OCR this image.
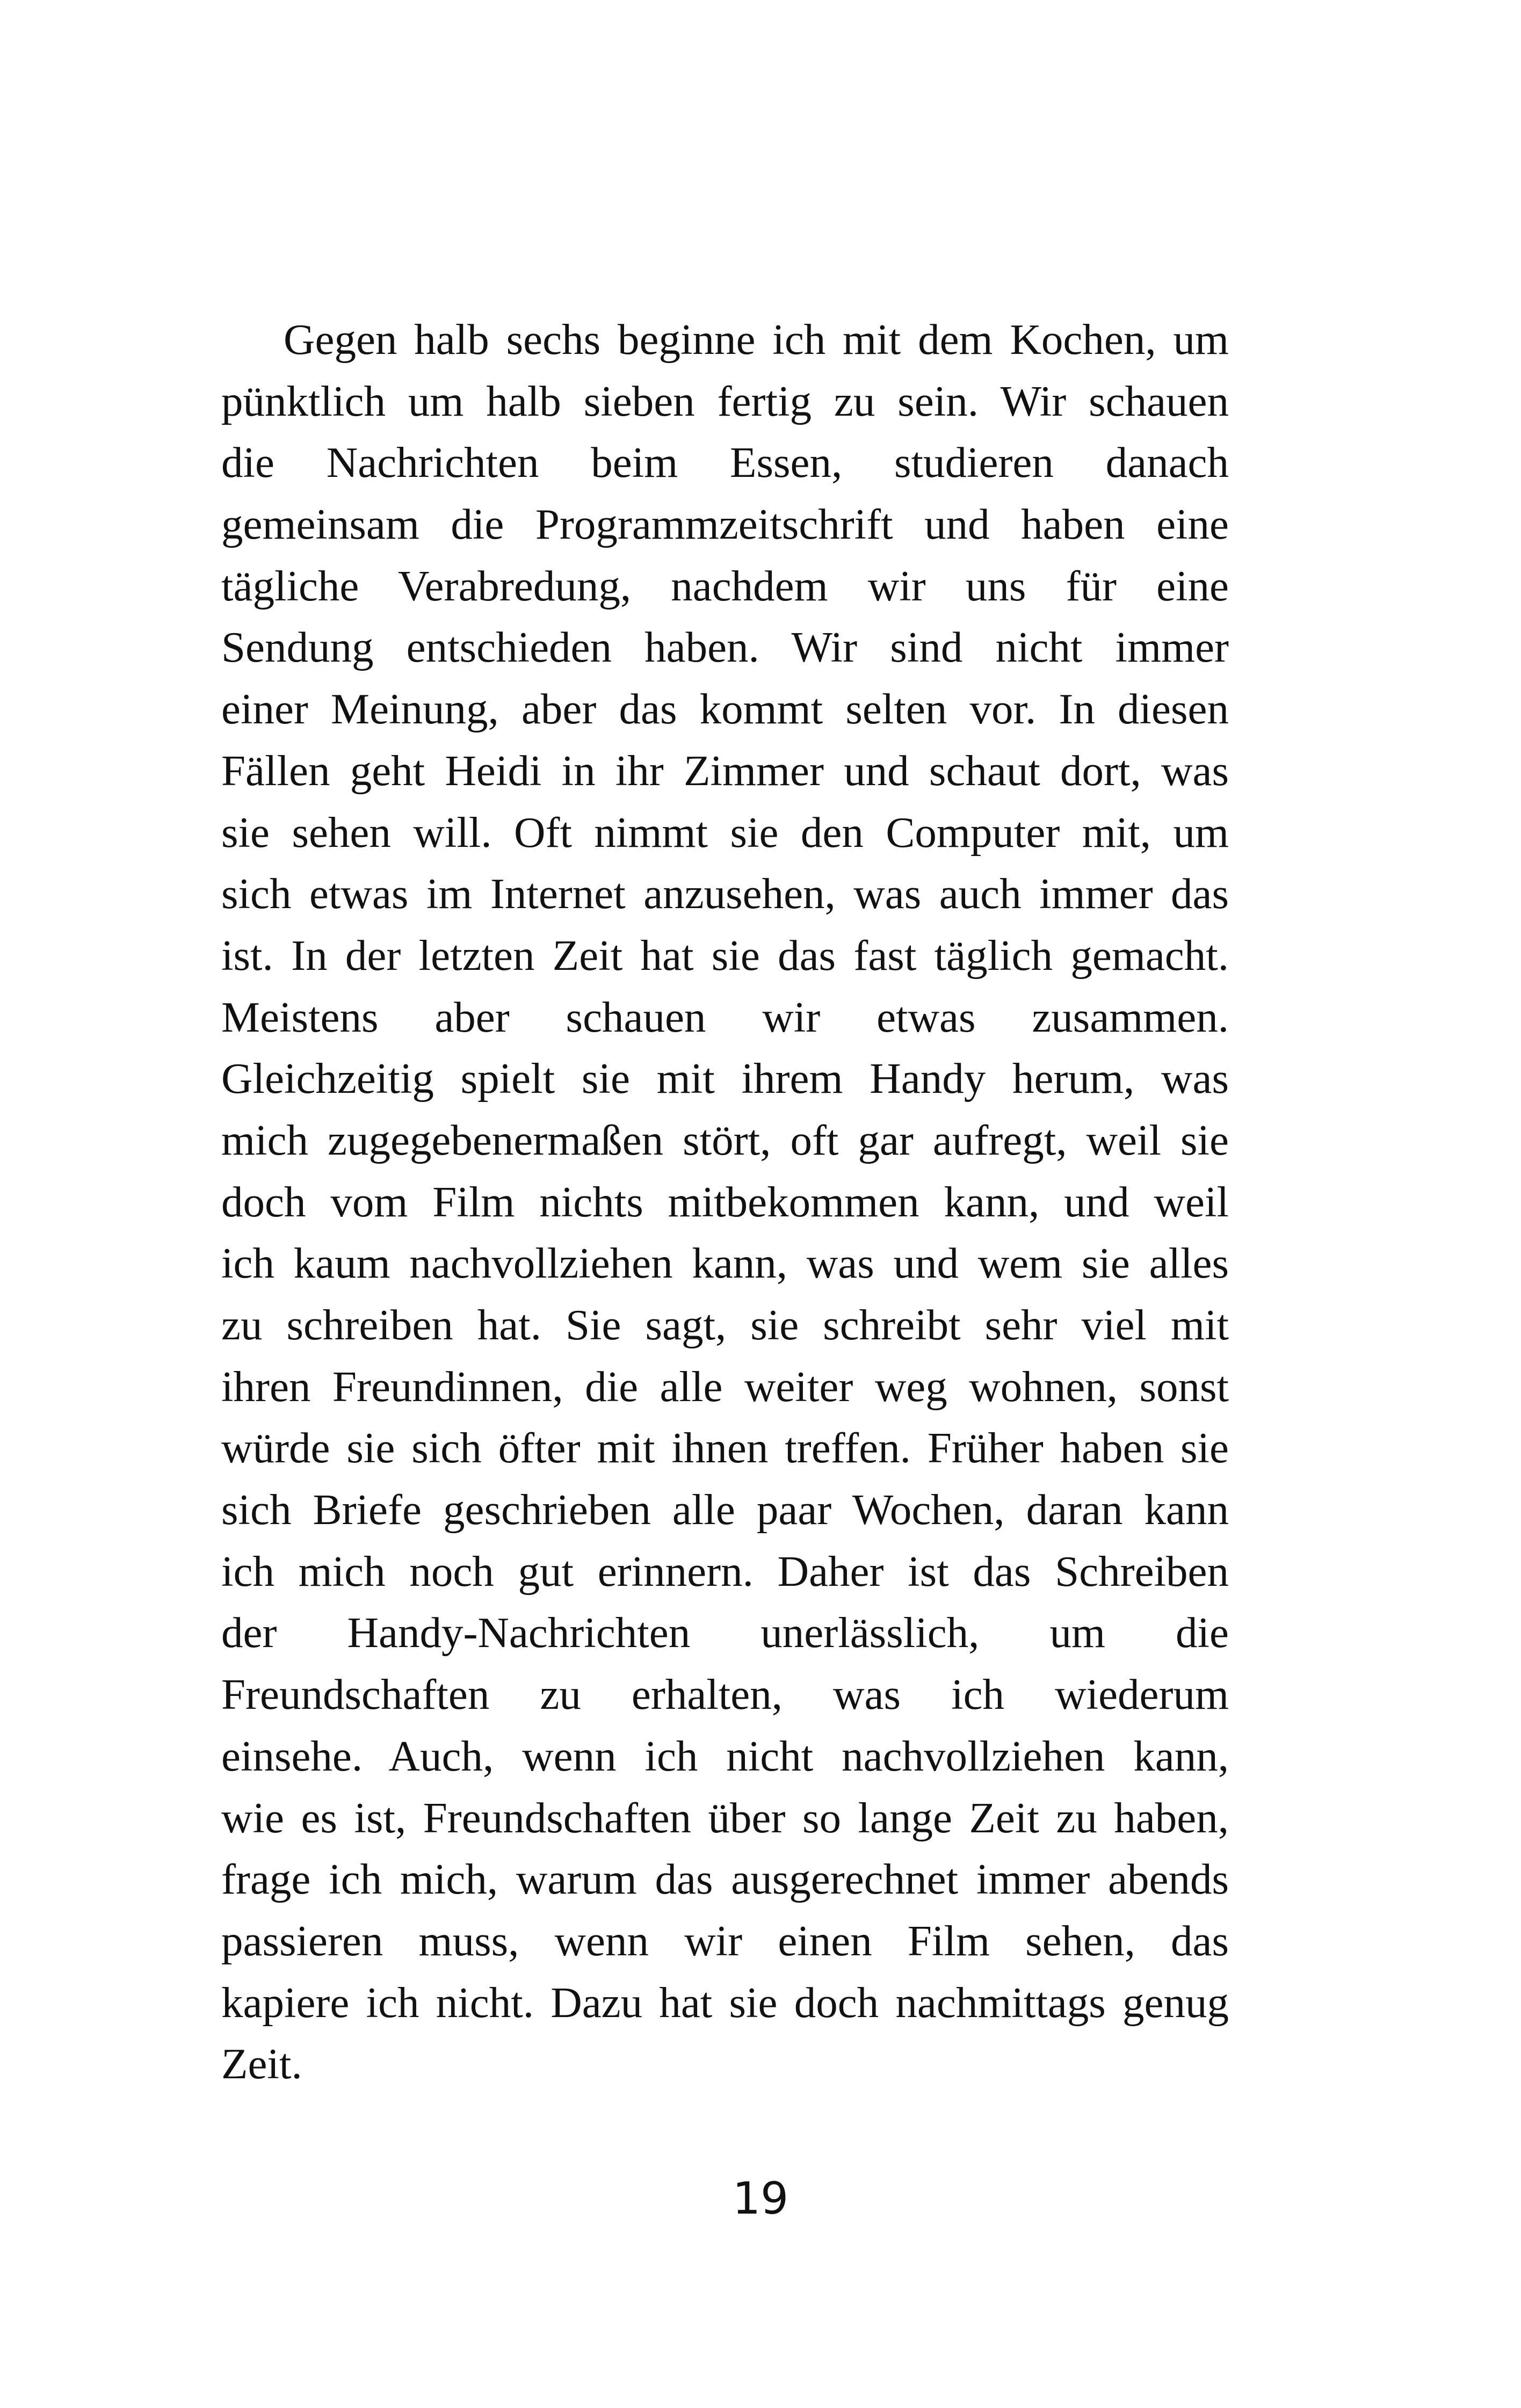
Gegen halb sechs beginne ich mit dem Kochen, um
pünktlich um halb sieben fertig zu sein. Wir schauen
die Nachrichten beim Essen, studieren danach
gemeinsam die Programmzeitschrift und haben eine
tägliche Verabredung, nachdem wir uns für eine
Sendung entschieden haben. Wir sind nicht immer
einer Meinung, aber das kommt selten vor. In diesen
Fällen geht Heidi in ihr Zimmer und schaut dort, was
sie sehen will. Oft nimmt sie den Computer mit, um
sich etwas im Internet anzusehen, was auch immer das
ist. In der letzten Zeit hat sie das fast täglich gemacht.
Meistens aber schauen wir etwas zusammen.
Gleichzeitig spielt sie mit ihrem Handy herum, was
mich zugegebenermaßen stört, oft gar aufregt, weil sie
doch vom Film nichts mitbekommen kann, und weil
ich kaum nachvollziehen kann, was und wem sie alles
zu schreiben hat. Sie sagt, sie schreibt sehr viel mit
ihren Freundinnen, die alle weiter weg wohnen, sonst
würde sie sich öfter mit ihnen treffen. Früher haben sie
sich Briefe geschrieben alle paar Wochen, daran kann
ich mich noch gut erinnern. Daher ist das Schreiben
der Handy-Nachrichten unerlässlich, um die
Freundschaften zu erhalten, was ich wiederum
einsehe. Auch, wenn ich nicht nachvollziehen kann,
wie es ist, Freundschaften über so lange Zeit zu haben,
frage ich mich, warum das ausgerechnet immer abends
passieren muss, wenn wir einen Film sehen, das
kapiere ich nicht. Dazu hat sie doch nachmittags genug
Zeit.
19
